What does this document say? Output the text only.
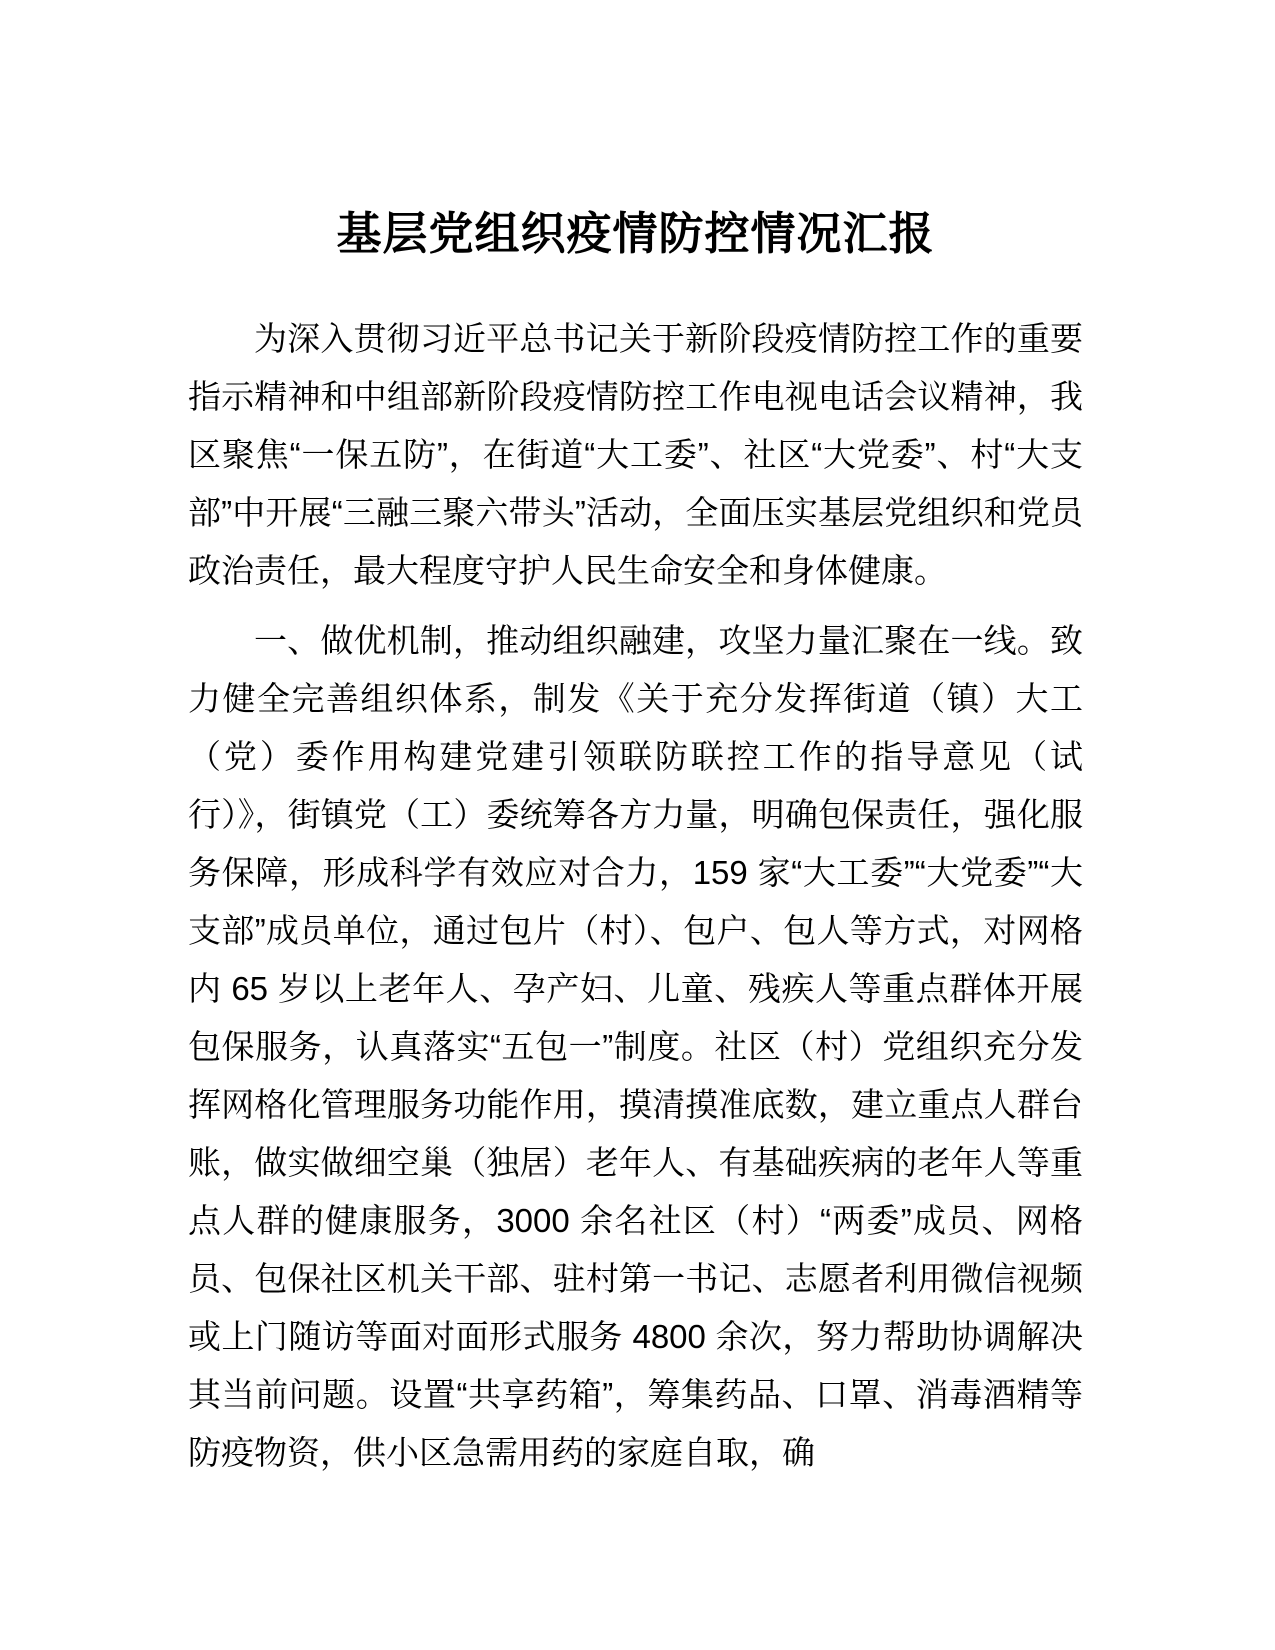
基层党组织疫情防控情况汇报

为深入贯彻习近平总书记关于新阶段疫情防控工作的重要指示精神和中组部新阶段疫情防控工作电视电话会议精神，我区聚焦“一保五防”，在街道“大工委”、社区“大党委”、村“大支部”中开展“三融三聚六带头”活动，全面压实基层党组织和党员政治责任，最大程度守护人民生命安全和身体健康。

一、做优机制，推动组织融建，攻坚力量汇聚在一线。致力健全完善组织体系，制发《关于充分发挥街道（镇）大工（党）委作用构建党建引领联防联控工作的指导意见（试行）》，街镇党（工）委统筹各方力量，明确包保责任，强化服务保障，形成科学有效应对合力，159 家“大工委”“大党委”“大支部”成员单位，通过包片（村）、包户、包人等方式，对网格内 65 岁以上老年人、孕产妇、儿童、残疾人等重点群体开展包保服务，认真落实“五包一”制度。社区（村）党组织充分发挥网格化管理服务功能作用，摸清摸准底数，建立重点人群台账，做实做细空巢（独居）老年人、有基础疾病的老年人等重点人群的健康服务，3000 余名社区（村）“两委”成员、网格员、包保社区机关干部、驻村第一书记、志愿者利用微信视频或上门随访等面对面形式服务 4800 余次，努力帮助协调解决其当前问题。设置“共享药箱”，筹集药品、口罩、消毒酒精等防疫物资，供小区急需用药的家庭自取，确
